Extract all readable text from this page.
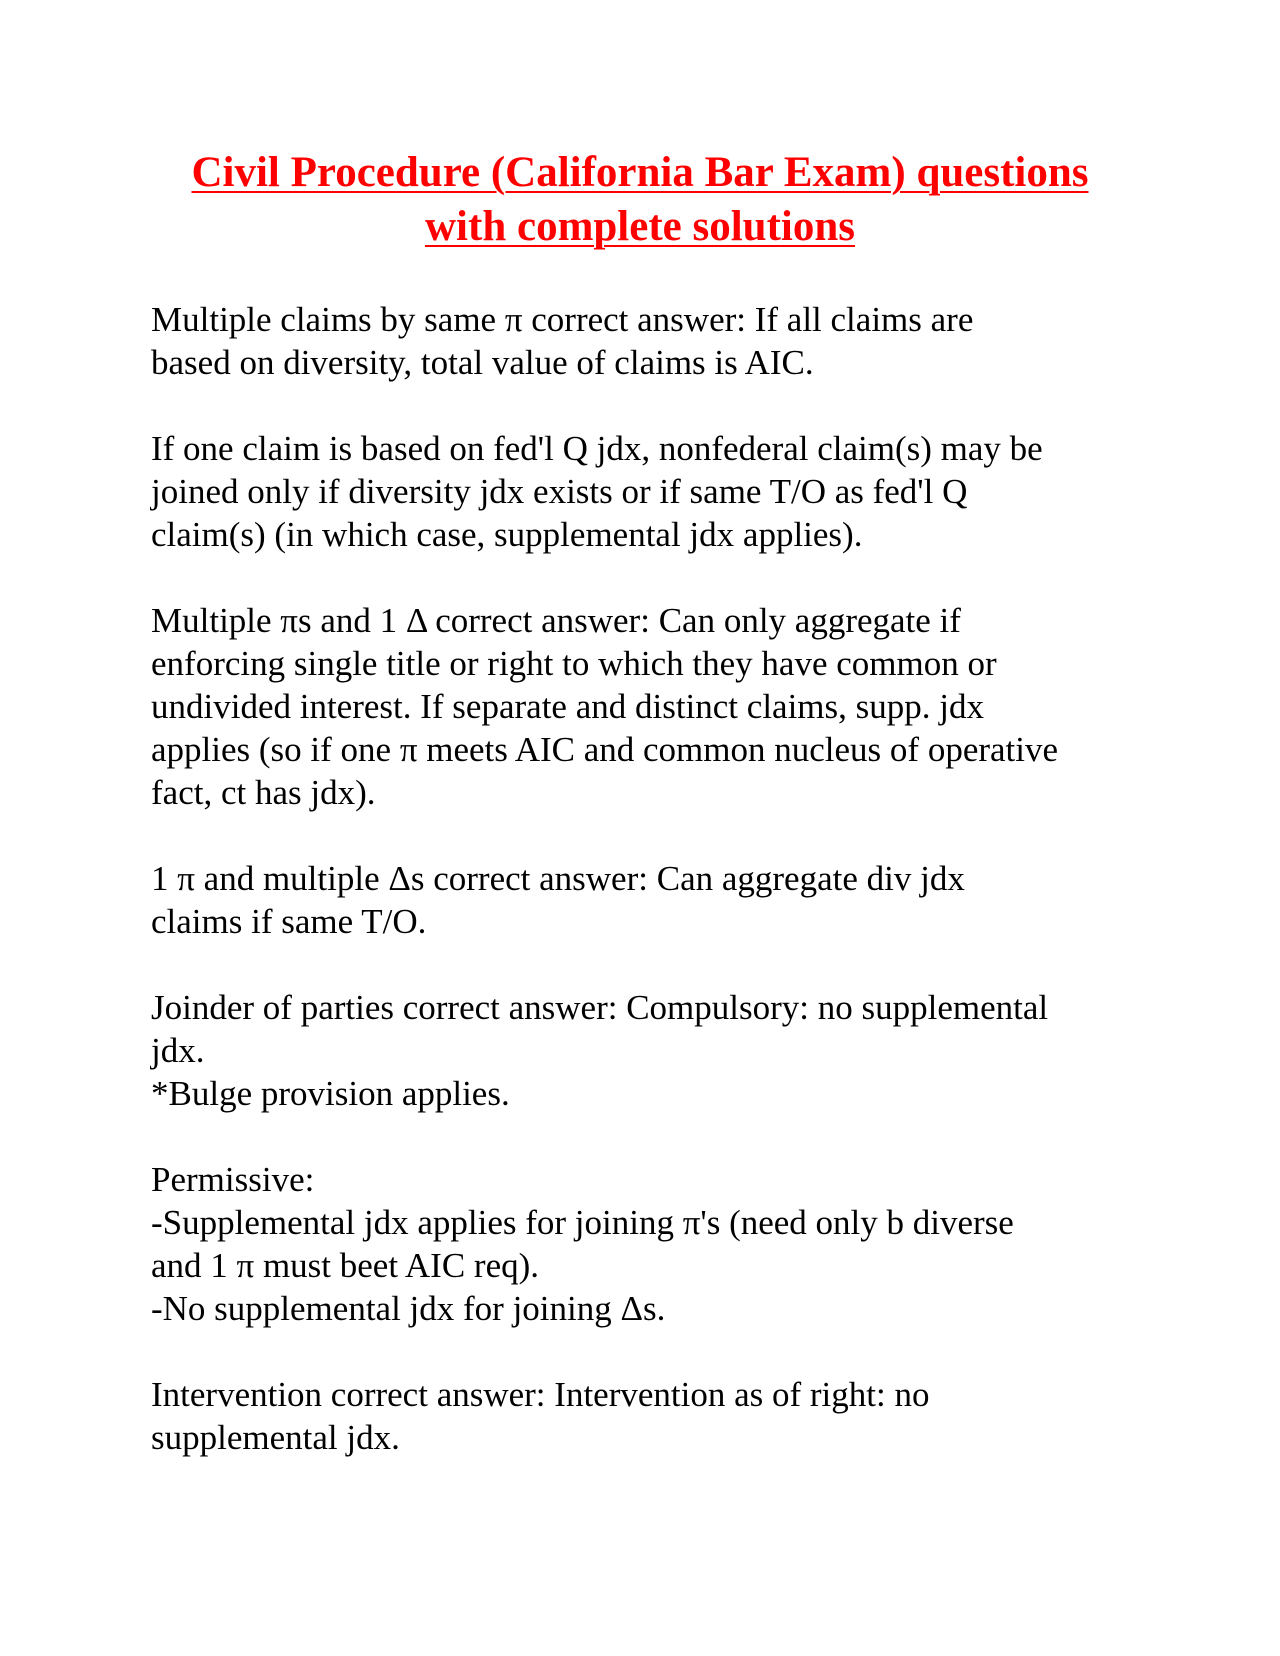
Civil Procedure (California Bar Exam) questions
with complete solutions
Multiple claims by same π correct answer: If all claims are
based on diversity, total value of claims is AIC.
If one claim is based on fed'l Q jdx, nonfederal claim(s) may be
joined only if diversity jdx exists or if same T/O as fed'l Q
claim(s) (in which case, supplemental jdx applies).
Multiple πs and 1 Δ correct answer: Can only aggregate if
enforcing single title or right to which they have common or
undivided interest. If separate and distinct claims, supp. jdx
applies (so if one π meets AIC and common nucleus of operative
fact, ct has jdx).
1 π and multiple Δs correct answer: Can aggregate div jdx
claims if same T/O.
Joinder of parties correct answer: Compulsory: no supplemental
jdx.
*Bulge provision applies.
Permissive:
-Supplemental jdx applies for joining π's (need only b diverse
and 1 π must beet AIC req).
-No supplemental jdx for joining Δs.
Intervention correct answer: Intervention as of right: no
supplemental jdx.
